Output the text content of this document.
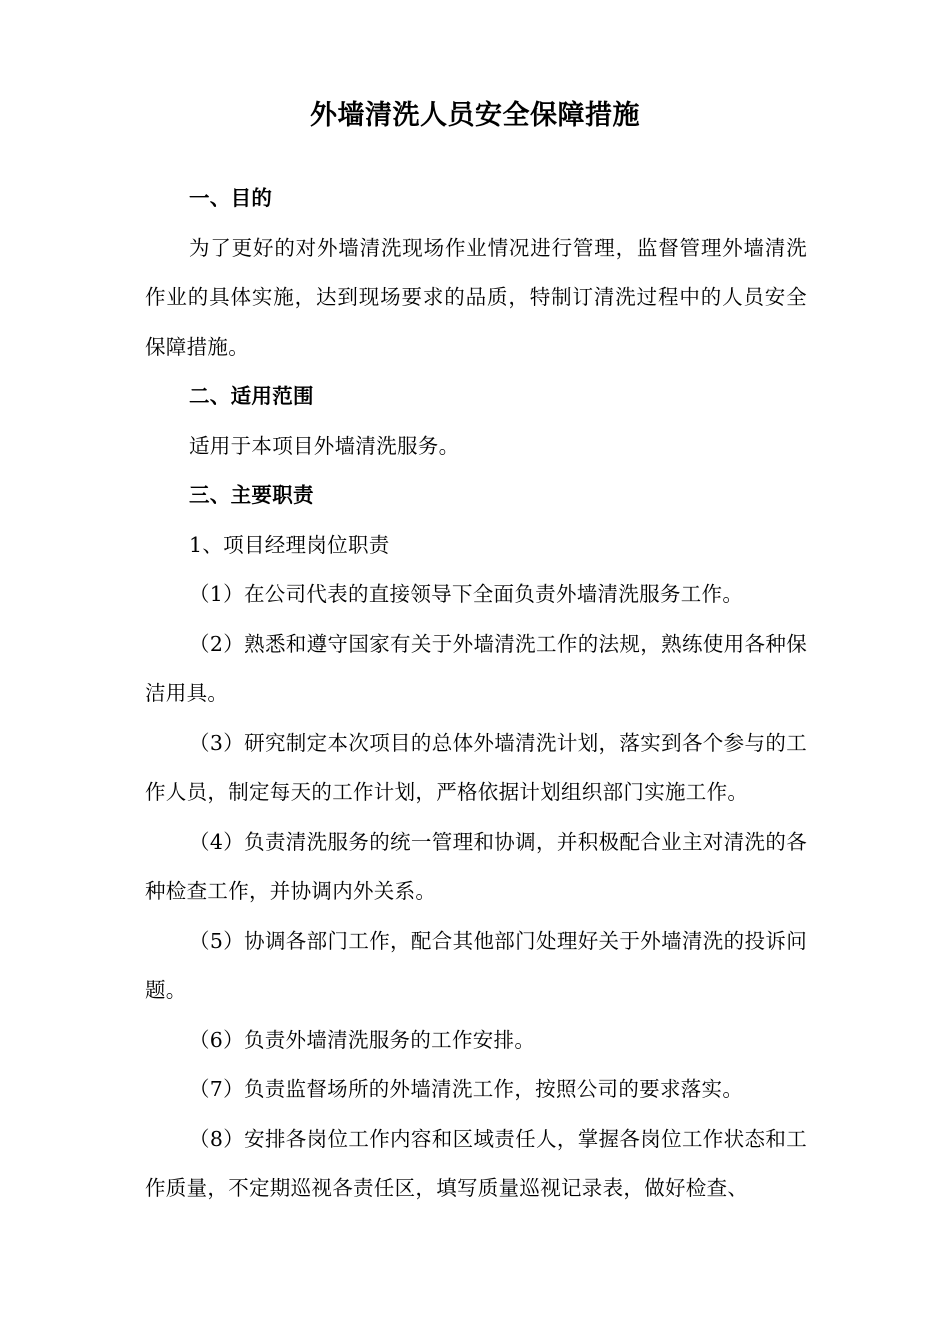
外墙清洗人员安全保障措施

一、目的

为了更好的对外墙清洗现场作业情况进行管理，监督管理外墙清洗作业的具体实施，达到现场要求的品质，特制订清洗过程中的人员安全保障措施。

二、适用范围

适用于本项目外墙清洗服务。

三、主要职责

1、项目经理岗位职责

（1）在公司代表的直接领导下全面负责外墙清洗服务工作。

（2）熟悉和遵守国家有关于外墙清洗工作的法规，熟练使用各种保洁用具。

（3）研究制定本次项目的总体外墙清洗计划，落实到各个参与的工作人员，制定每天的工作计划，严格依据计划组织部门实施工作。

（4）负责清洗服务的统一管理和协调，并积极配合业主对清洗的各种检查工作，并协调内外关系。

（5）协调各部门工作，配合其他部门处理好关于外墙清洗的投诉问题。

（6）负责外墙清洗服务的工作安排。

（7）负责监督场所的外墙清洗工作，按照公司的要求落实。

（8）安排各岗位工作内容和区域责任人，掌握各岗位工作状态和工作质量，不定期巡视各责任区，填写质量巡视记录表，做好检查、
